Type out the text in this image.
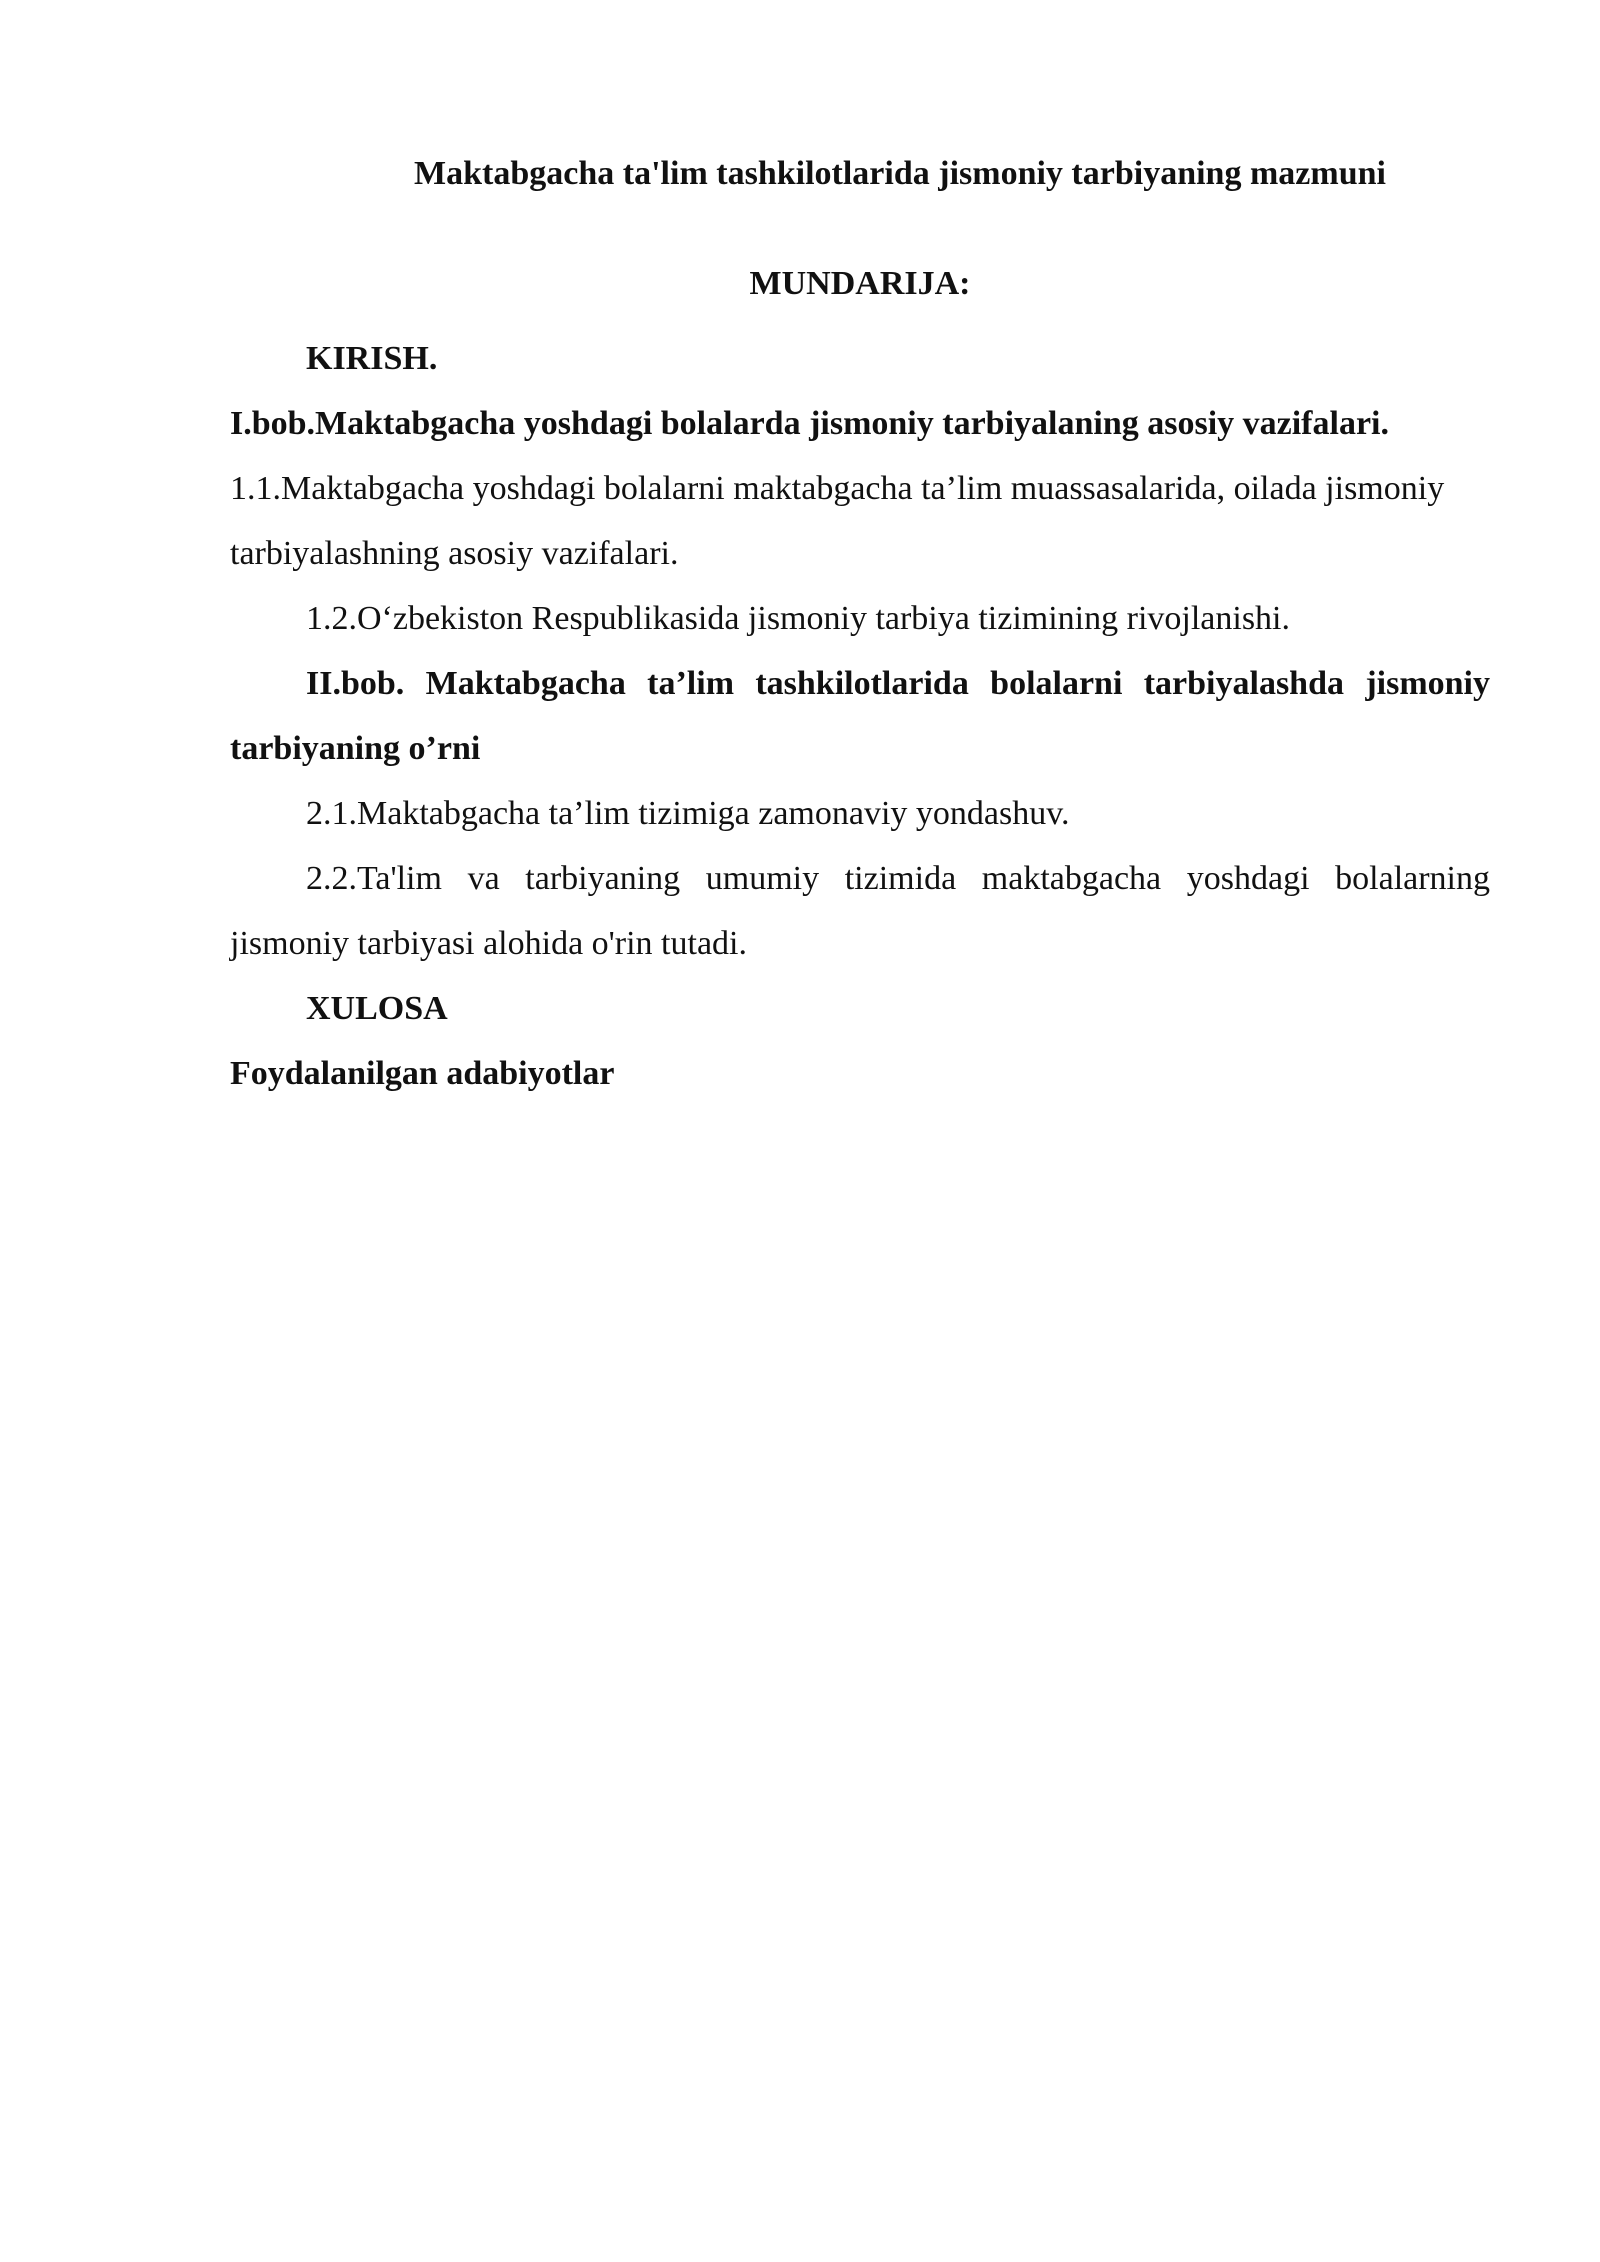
Maktabgacha ta'lim tashkilotlarida jismoniy tarbiyaning mazmuni
MUNDARIJA:

KIRISH.

I.bob.Maktabgacha yoshdagi bolalarda jismoniy tarbiyalaning asosiy vazifalari.

1.1.Maktabgacha yoshdagi bolalarni maktabgacha ta’lim muassasalarida, oilada jismoniy tarbiyalashning asosiy vazifalari.

1.2.O‘zbekiston Respublikasida jismoniy tarbiya tizimining rivojlanishi.

II.bob. Maktabgacha ta’lim tashkilotlarida bolalarni tarbiyalashda jismoniy tarbiyaning o’rni

2.1.Maktabgacha ta’lim tizimiga zamonaviy yondashuv.

2.2.Ta'lim va tarbiyaning umumiy tizimida maktabgacha yoshdagi bolalarning jismoniy tarbiyasi alohida o'rin tutadi.

XULOSA

Foydalanilgan adabiyotlar
